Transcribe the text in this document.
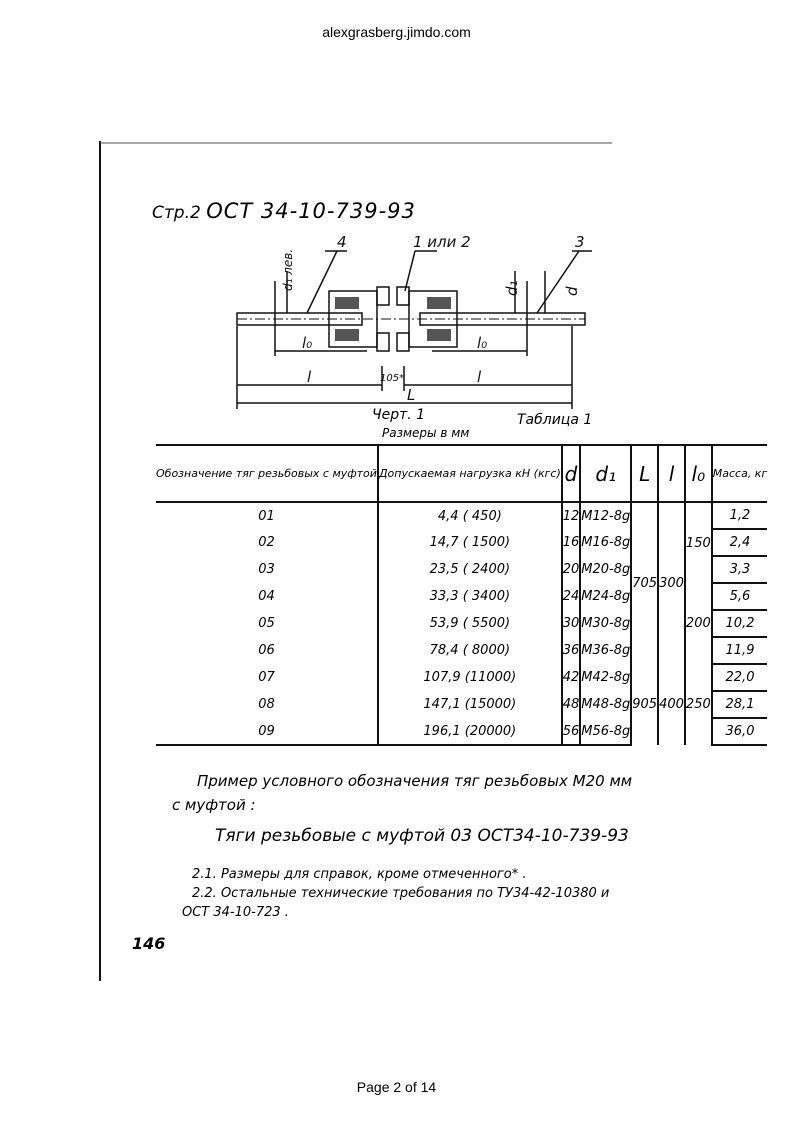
alexgrasberg.jimdo.com
Стр.2 ОСТ 34-10-739-93
4	1 или 2	3
d₁ лев.	d₁	d
l₀	l₀
l	l
105*
L
Черт. 1
Размеры в мм
Таблица 1
Обозначение тяг резьбовых с муфтой	Допускаемая нагрузка кН (кгс)	d	d₁	L	l	l₀	Масса, кг
01	4,4 ( 450)	12	М12-8g	705	300	150	1,2
02	14,7 ( 1500)	16	М16-8g				2,4
03	23,5 ( 2400)	20	М20-8g				3,3
04	33,3 ( 3400)	24	М24-8g			200	5,6
05	53,9 ( 5500)	30	М30-8g				10,2
06	78,4 ( 8000)	36	М36-8g				11,9
07	107,9 (11000)	42	М42-8g	905	400	250	22,0
08	147,1 (15000)	48	М48-8g				28,1
09	196,1 (20000)	56	М56-8g				36,0
Пример условного обозначения тяг резьбовых М20 мм
с муфтой :
Тяги резьбовые с муфтой 03 ОСТ34-10-739-93
2.1. Размеры для справок, кроме отмеченного* .
2.2. Остальные технические требования по ТУ34-42-10380 и
ОСТ 34-10-723 .
146
Page 2 of 14
